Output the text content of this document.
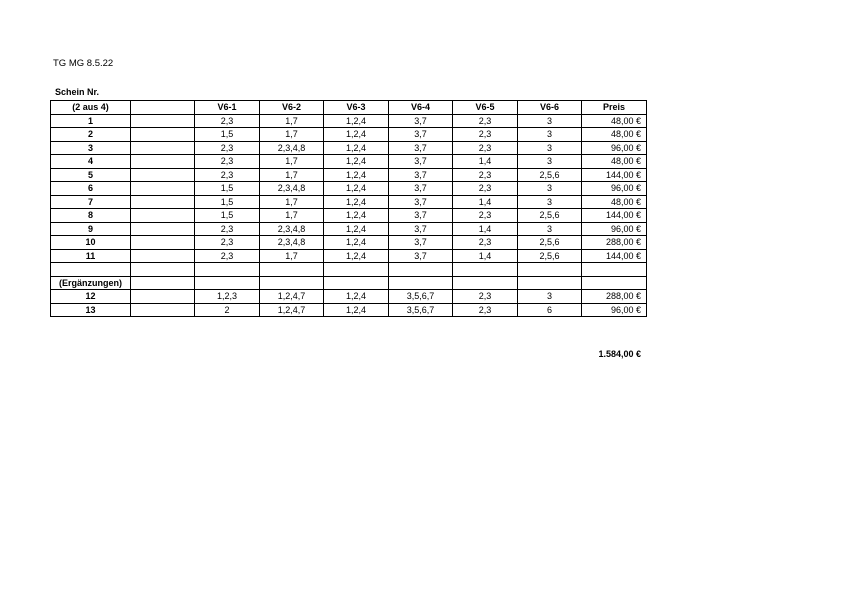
TG MG 8.5.22
Schein Nr.
(2 aus 4)		V6-1	V6-2	V6-3	V6-4	V6-5	V6-6	Preis
1		2,3	1,7	1,2,4	3,7	2,3	3	48,00 €
2		1,5	1,7	1,2,4	3,7	2,3	3	48,00 €
3		2,3	2,3,4,8	1,2,4	3,7	2,3	3	96,00 €
4		2,3	1,7	1,2,4	3,7	1,4	3	48,00 €
5		2,3	1,7	1,2,4	3,7	2,3	2,5,6	144,00 €
6		1,5	2,3,4,8	1,2,4	3,7	2,3	3	96,00 €
7		1,5	1,7	1,2,4	3,7	1,4	3	48,00 €
8		1,5	1,7	1,2,4	3,7	2,3	2,5,6	144,00 €
9		2,3	2,3,4,8	1,2,4	3,7	1,4	3	96,00 €
10		2,3	2,3,4,8	1,2,4	3,7	2,3	2,5,6	288,00 €
11		2,3	1,7	1,2,4	3,7	1,4	2,5,6	144,00 €

(Ergänzungen)								
12		1,2,3	1,2,4,7	1,2,4	3,5,6,7	2,3	3	288,00 €
13		2	1,2,4,7	1,2,4	3,5,6,7	2,3	6	96,00 €
1.584,00 €
